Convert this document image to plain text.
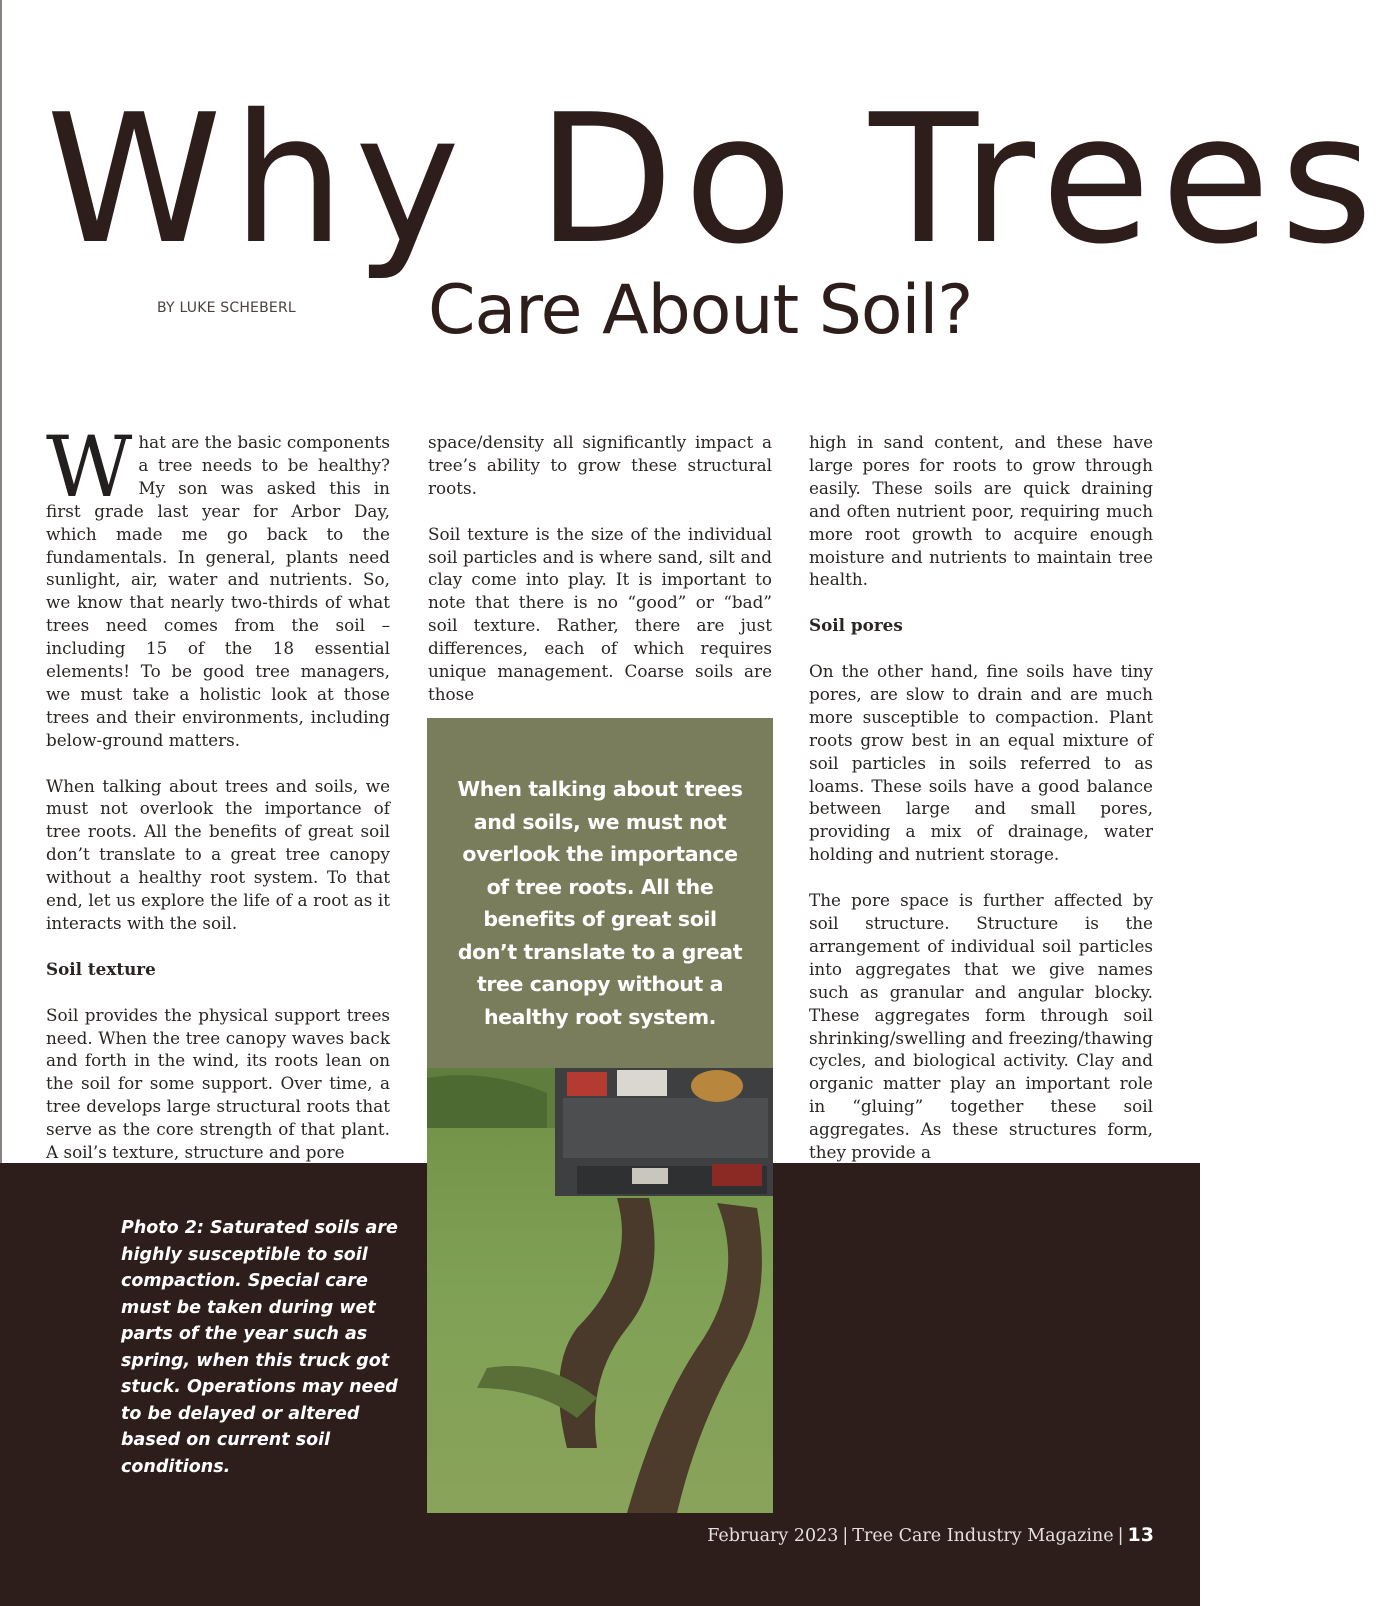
Why Do Trees
BY LUKE SCHEBERL Care About Soil?

What are the basic components a tree needs to be healthy? My son was asked this in first grade last year for Arbor Day, which made me go back to the fundamentals. In general, plants need sunlight, air, water and nutrients. So, we know that nearly two-thirds of what trees need comes from the soil – including 15 of the 18 essential elements! To be good tree managers, we must take a holistic look at those trees and their environments, including below-ground matters.

When talking about trees and soils, we must not overlook the importance of tree roots. All the benefits of great soil don’t translate to a great tree canopy without a healthy root system. To that end, let us explore the life of a root as it interacts with the soil.

Soil texture

Soil provides the physical support trees need. When the tree canopy waves back and forth in the wind, its roots lean on the soil for some support. Over time, a tree develops large structural roots that serve as the core strength of that plant. A soil’s texture, structure and pore

space/density all significantly impact a tree’s ability to grow these structural roots.

Soil texture is the size of the individual soil particles and is where sand, silt and clay come into play. It is important to note that there is no “good” or “bad” soil texture. Rather, there are just differences, each of which requires unique management. Coarse soils are those

high in sand content, and these have large pores for roots to grow through easily. These soils are quick draining and often nutrient poor, requiring much more root growth to acquire enough moisture and nutrients to maintain tree health.

Soil pores

On the other hand, fine soils have tiny pores, are slow to drain and are much more susceptible to compaction. Plant roots grow best in an equal mixture of soil particles in soils referred to as loams. These soils have a good balance between large and small pores, providing a mix of drainage, water holding and nutrient storage.

The pore space is further affected by soil structure. Structure is the arrangement of individual soil particles into aggregates that we give names such as granular and angular blocky. These aggregates form through soil shrinking/swelling and freezing/thawing cycles, and biological activity. Clay and organic matter play an important role in “gluing” together these soil aggregates. As these structures form, they provide a

When talking about trees and soils, we must not overlook the importance of tree roots. All the benefits of great soil don’t translate to a great tree canopy without a healthy root system.
Photo 2: Saturated soils are highly susceptible to soil compaction. Special care must be taken during wet parts of the year such as spring, when this truck got stuck. Operations may need to be delayed or altered based on current soil conditions.
February 2023 | Tree Care Industry Magazine | 13
